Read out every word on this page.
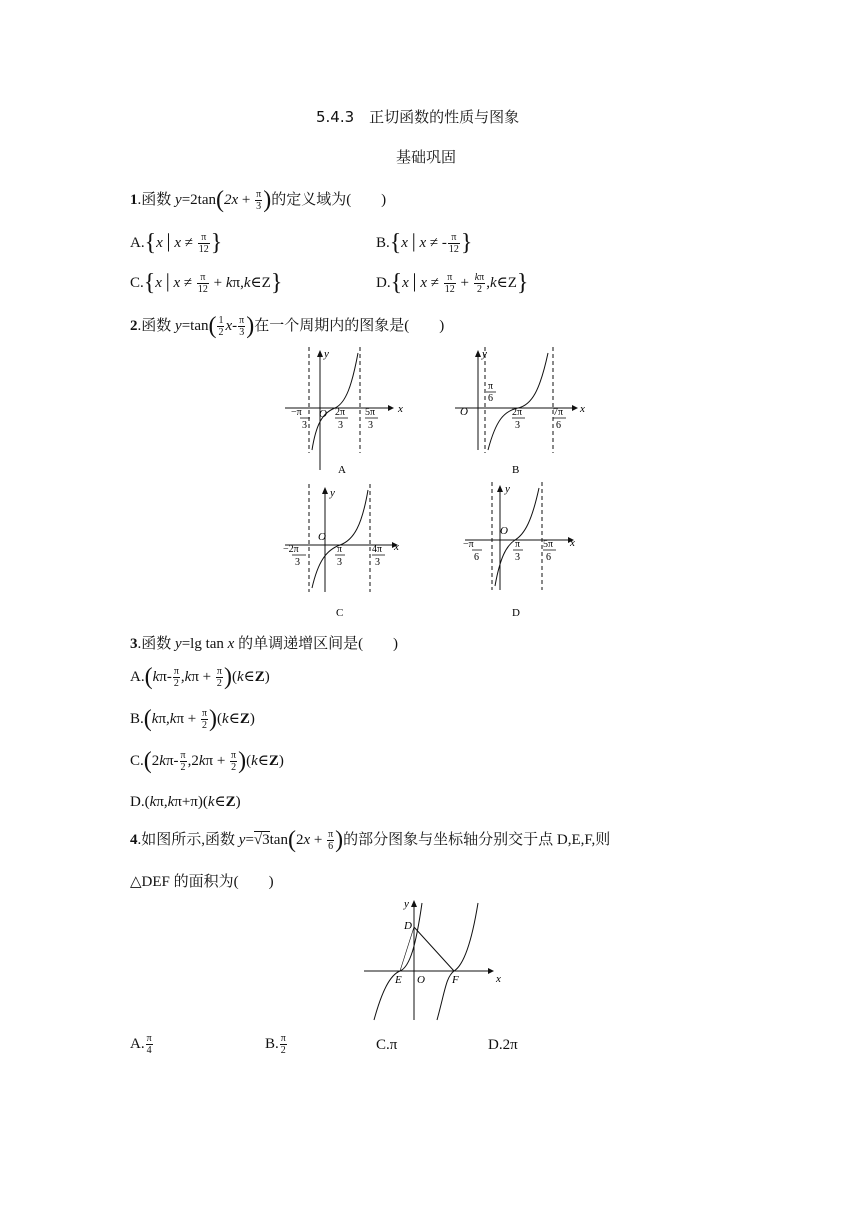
5.4.3　正切函数的性质与图象
基础巩固
1.函数 $y=2\tan(2x + \frac{\pi}{3}$ )的定义域为(　　)
A.{x | $x \ne \frac{\pi}{12}$ }	B.{x | x ≠ - $\frac{\pi}{12}$ }
C.{x | $x \ne \frac{\pi}{12}$ + kπ,k∈Z}	D.{x | $x \ne \frac{\pi}{12} + \frac{k\pi}{2}$ ,k∈Z}
2.函数 $y=\tan( \frac{1}{2} x- \frac{\pi}{3}$ )在一个周期内的图象是(　　)
x
y
O
−π
3
2π
3
5π
3
A
x
y
O
π
6
2π
3
7π
6
B
x
y
O
−2π
3
π
3
4π
3
C
x
y
O
−π
6
π
3
5π
6
D
3.函数 y=lg tan x 的单调递增区间是(　　)
$A.(k\pi- \frac{\pi}{2} ,k\pi + \frac{\pi}{2}$ )(k∈Z)
$B.(k\pi,k\pi + \frac{\pi}{2}$ )(k∈Z)
$C.(2k\pi- \frac{\pi}{2} ,2k\pi + \frac{\pi}{2}$ )(k∈Z)
D.(kπ,kπ+π)(k∈Z)
4.如图所示,函数 $y=√3\tan(2x + \frac{\pi}{6}$ )的部分图象与坐标轴分别交于点 D,E,F,则
△DEF 的面积为(　　)
x
y
D
E O F
A. $\frac{\pi}{4}$	B. $\frac{\pi}{2}$	C.π	D.2π
